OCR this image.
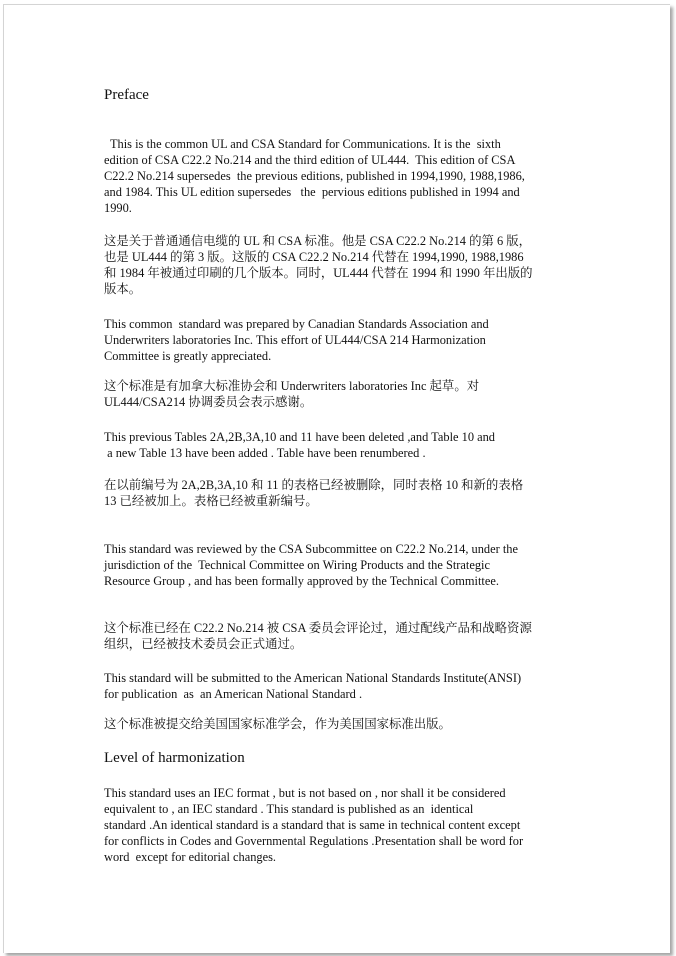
Preface

This is the common UL and CSA Standard for Communications. It is the  sixth
edition of CSA C22.2 No.214 and the third edition of UL444.  This edition of CSA
C22.2 No.214 supersedes  the previous editions, published in 1994,1990, 1988,1986,
and 1984. This UL edition supersedes   the  pervious editions published in 1994 and
1990.

这是关于普通通信电缆的 UL 和 CSA 标准。他是 CSA C22.2 No.214 的第 6 版，
也是 UL444 的第 3 版。这版的 CSA C22.2 No.214 代替在 1994,1990, 1988,1986
和 1984 年被通过印刷的几个版本。同时，UL444 代替在 1994 和 1990 年出版的
版本。

This common  standard was prepared by Canadian Standards Association and
Underwriters laboratories Inc. This effort of UL444/CSA 214 Harmonization
Committee is greatly appreciated.

这个标准是有加拿大标准协会和 Underwriters laboratories Inc 起草。对
UL444/CSA214 协调委员会表示感谢。

This previous Tables 2A,2B,3A,10 and 11 have been deleted ,and Table 10 and
a new Table 13 have been added . Table have been renumbered .

在以前编号为 2A,2B,3A,10 和 11 的表格已经被删除，同时表格 10 和新的表格
13 已经被加上。表格已经被重新编号。

This standard was reviewed by the CSA Subcommittee on C22.2 No.214, under the
jurisdiction of the  Technical Committee on Wiring Products and the Strategic
Resource Group , and has been formally approved by the Technical Committee.

这个标准已经在 C22.2 No.214 被 CSA 委员会评论过，通过配线产品和战略资源
组织，已经被技术委员会正式通过。

This standard will be submitted to the American National Standards Institute(ANSI)
for publication  as  an American National Standard .

这个标准被提交给美国国家标准学会，作为美国国家标准出版。

Level of harmonization

This standard uses an IEC format , but is not based on , nor shall it be considered
equivalent to , an IEC standard . This standard is published as an  identical
standard .An identical standard is a standard that is same in technical content except
for conflicts in Codes and Governmental Regulations .Presentation shall be word for
word  except for editorial changes.
